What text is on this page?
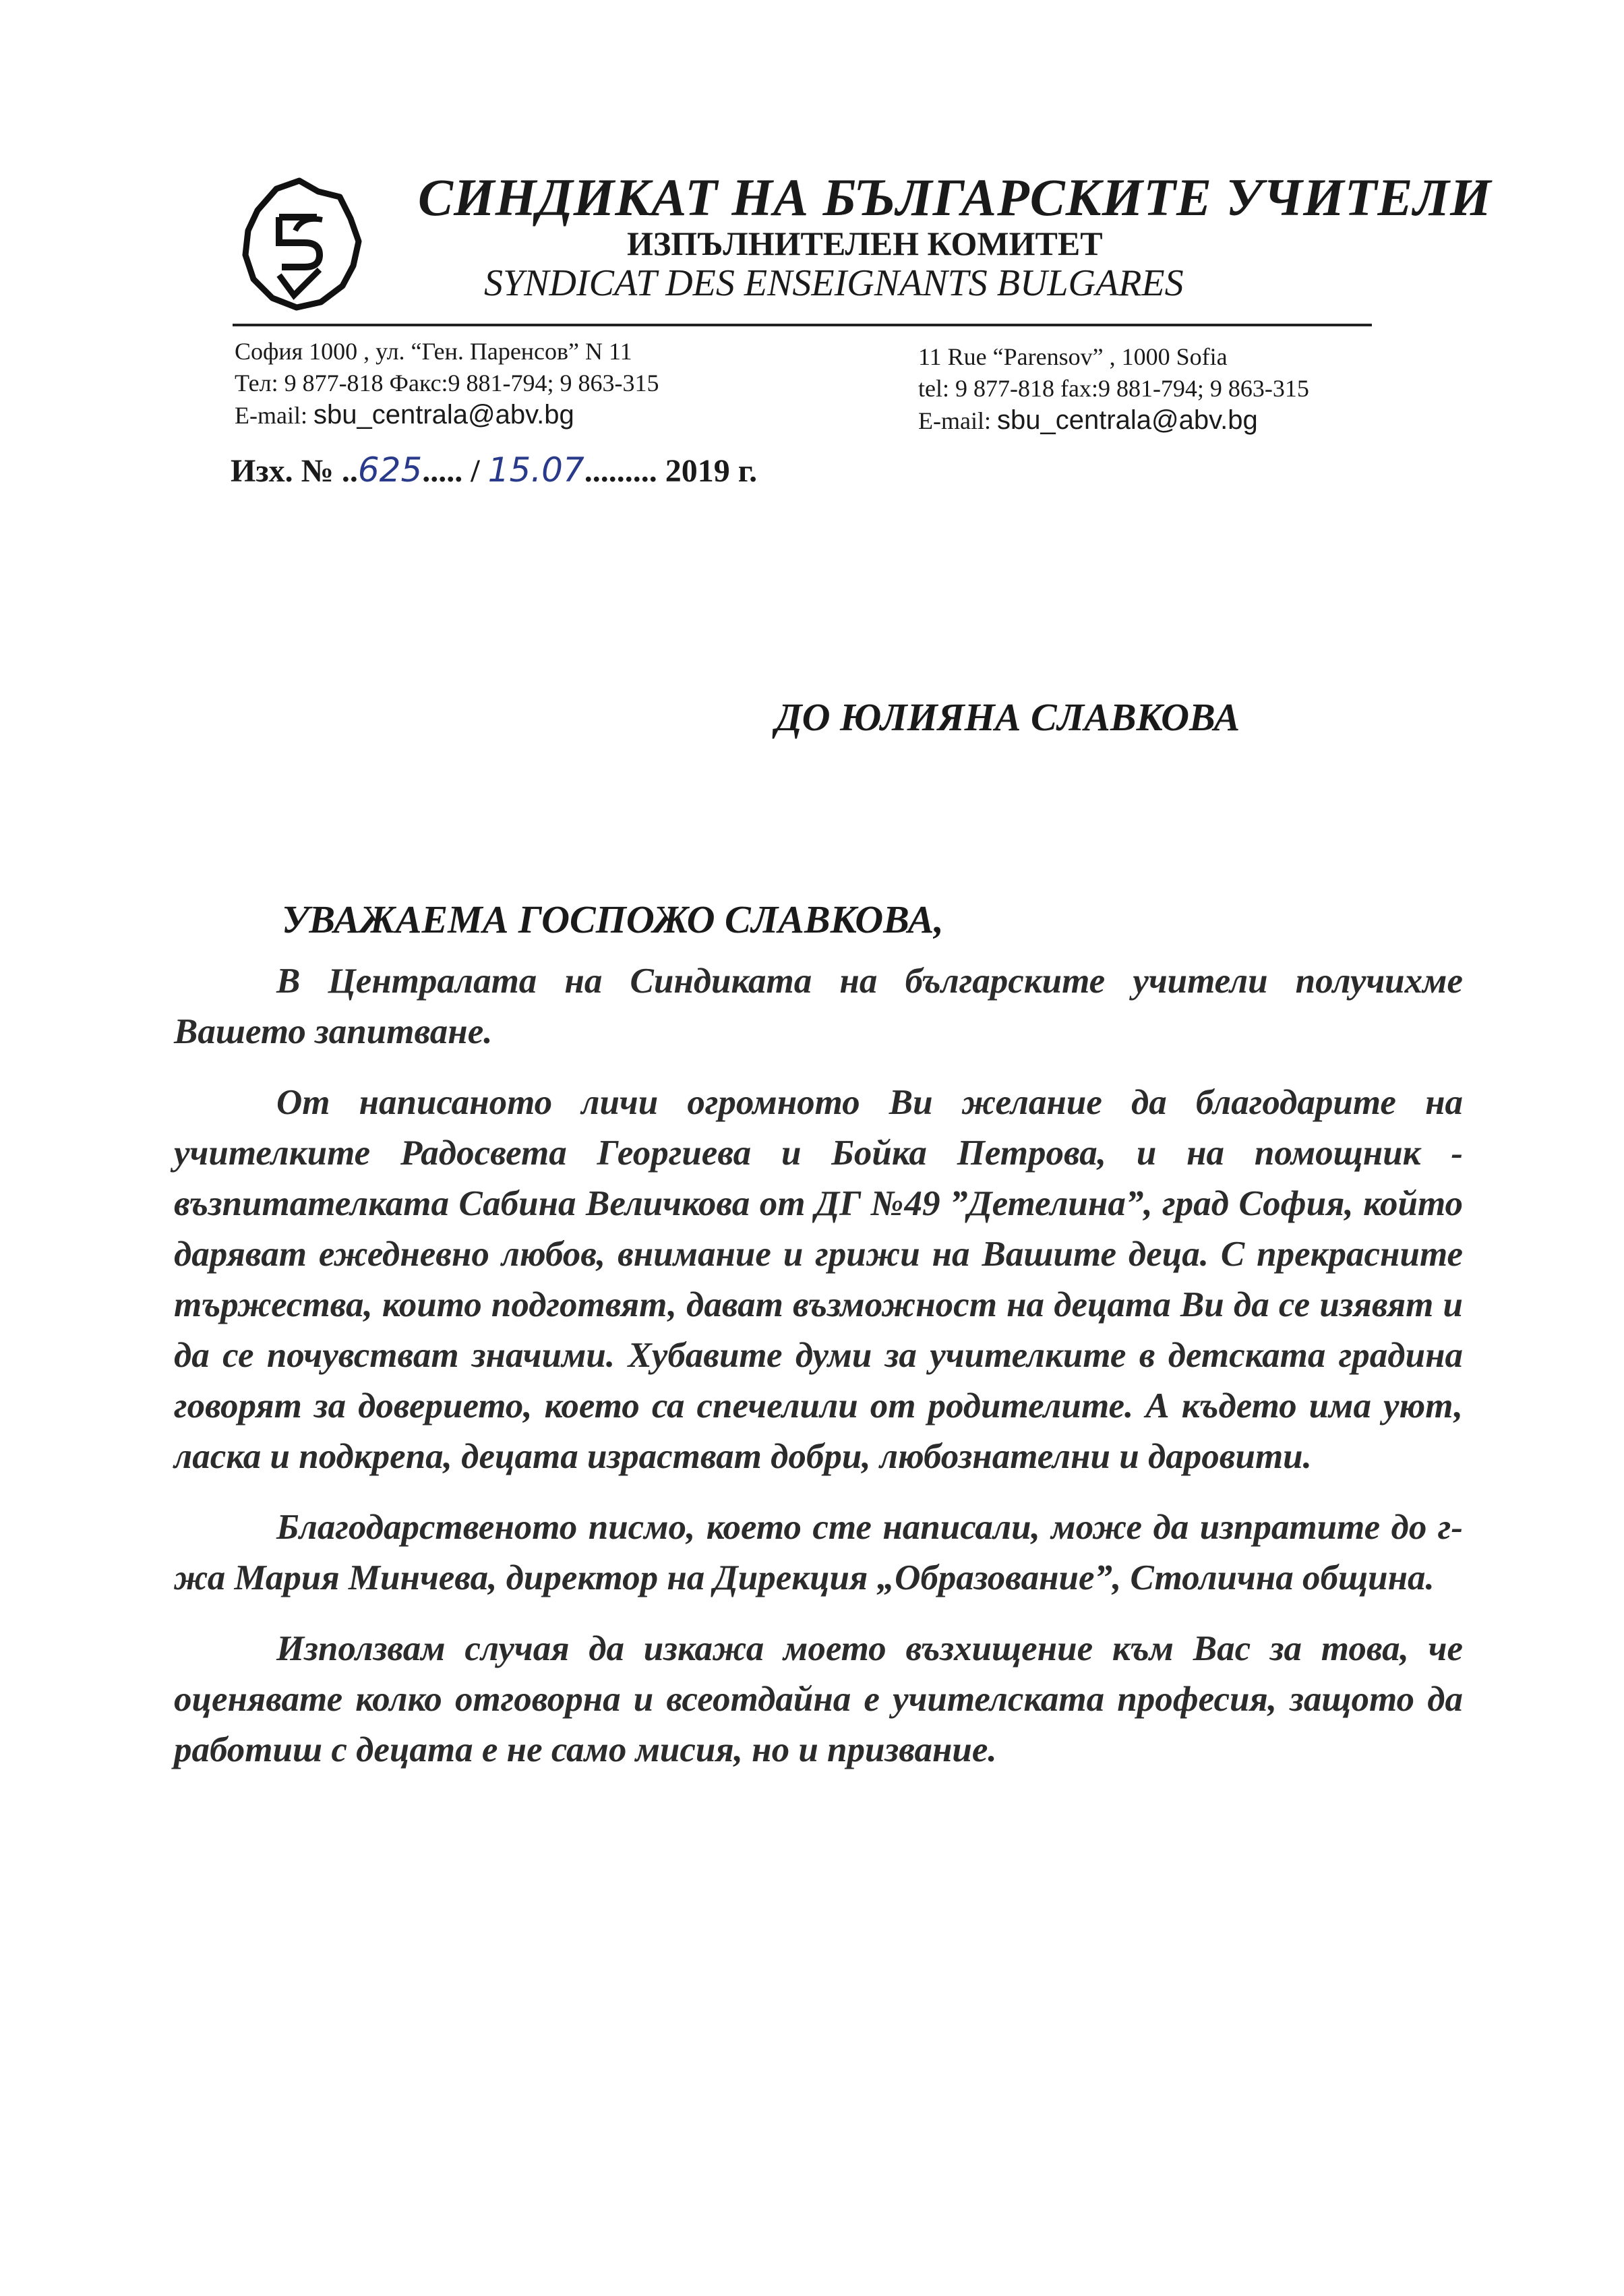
СИНДИКАТ НА БЪЛГАРСКИТЕ УЧИТЕЛИ
ИЗПЪЛНИТЕЛЕН КОМИТЕТ
SYNDICAT DES ENSEIGNANTS BULGARES
София 1000 , ул. “Ген. Паренсов” N 11
Тел: 9 877-818 Факс:9 881-794; 9 863-315
E-mail: sbu_centrala@abv.bg
11 Rue “Parensov” , 1000 Sofia
tel: 9 877-818 fax:9 881-794; 9 863-315
E-mail: sbu_centrala@abv.bg
Изх. № ..625..... / 15.07......... 2019 г.
ДО ЮЛИЯНА СЛАВКОВА
УВАЖАЕМА ГОСПОЖО СЛАВКОВА,

В Централата на Синдиката на българските учители получихме Вашето запитване.

От написаното личи огромното Ви желание да благодарите на учителките Радосвета Георгиева и Бойка Петрова, и на помощник - възпитателката Сабина Величкова от ДГ №49 ”Детелина”, град София, който даряват ежедневно любов, внимание и грижи на Вашите деца. С прекрасните тържества, които подготвят, дават възможност на децата Ви да се изявят и да се почувстват значими. Хубавите думи за учителките в детската градина говорят за доверието, което са спечелили от родителите. А където има уют, ласка и подкрепа, децата израстват добри, любознателни и даровити.

Благодарственото писмо, което сте написали, може да изпратите до г-жа Мария Минчева, директор на Дирекция „Образование”, Столична община.

Използвам случая да изкажа моето възхищение към Вас за това, че оценявате колко отговорна и всеотдайна е учителската професия, защото да работиш с децата е не само мисия, но и призвание.
